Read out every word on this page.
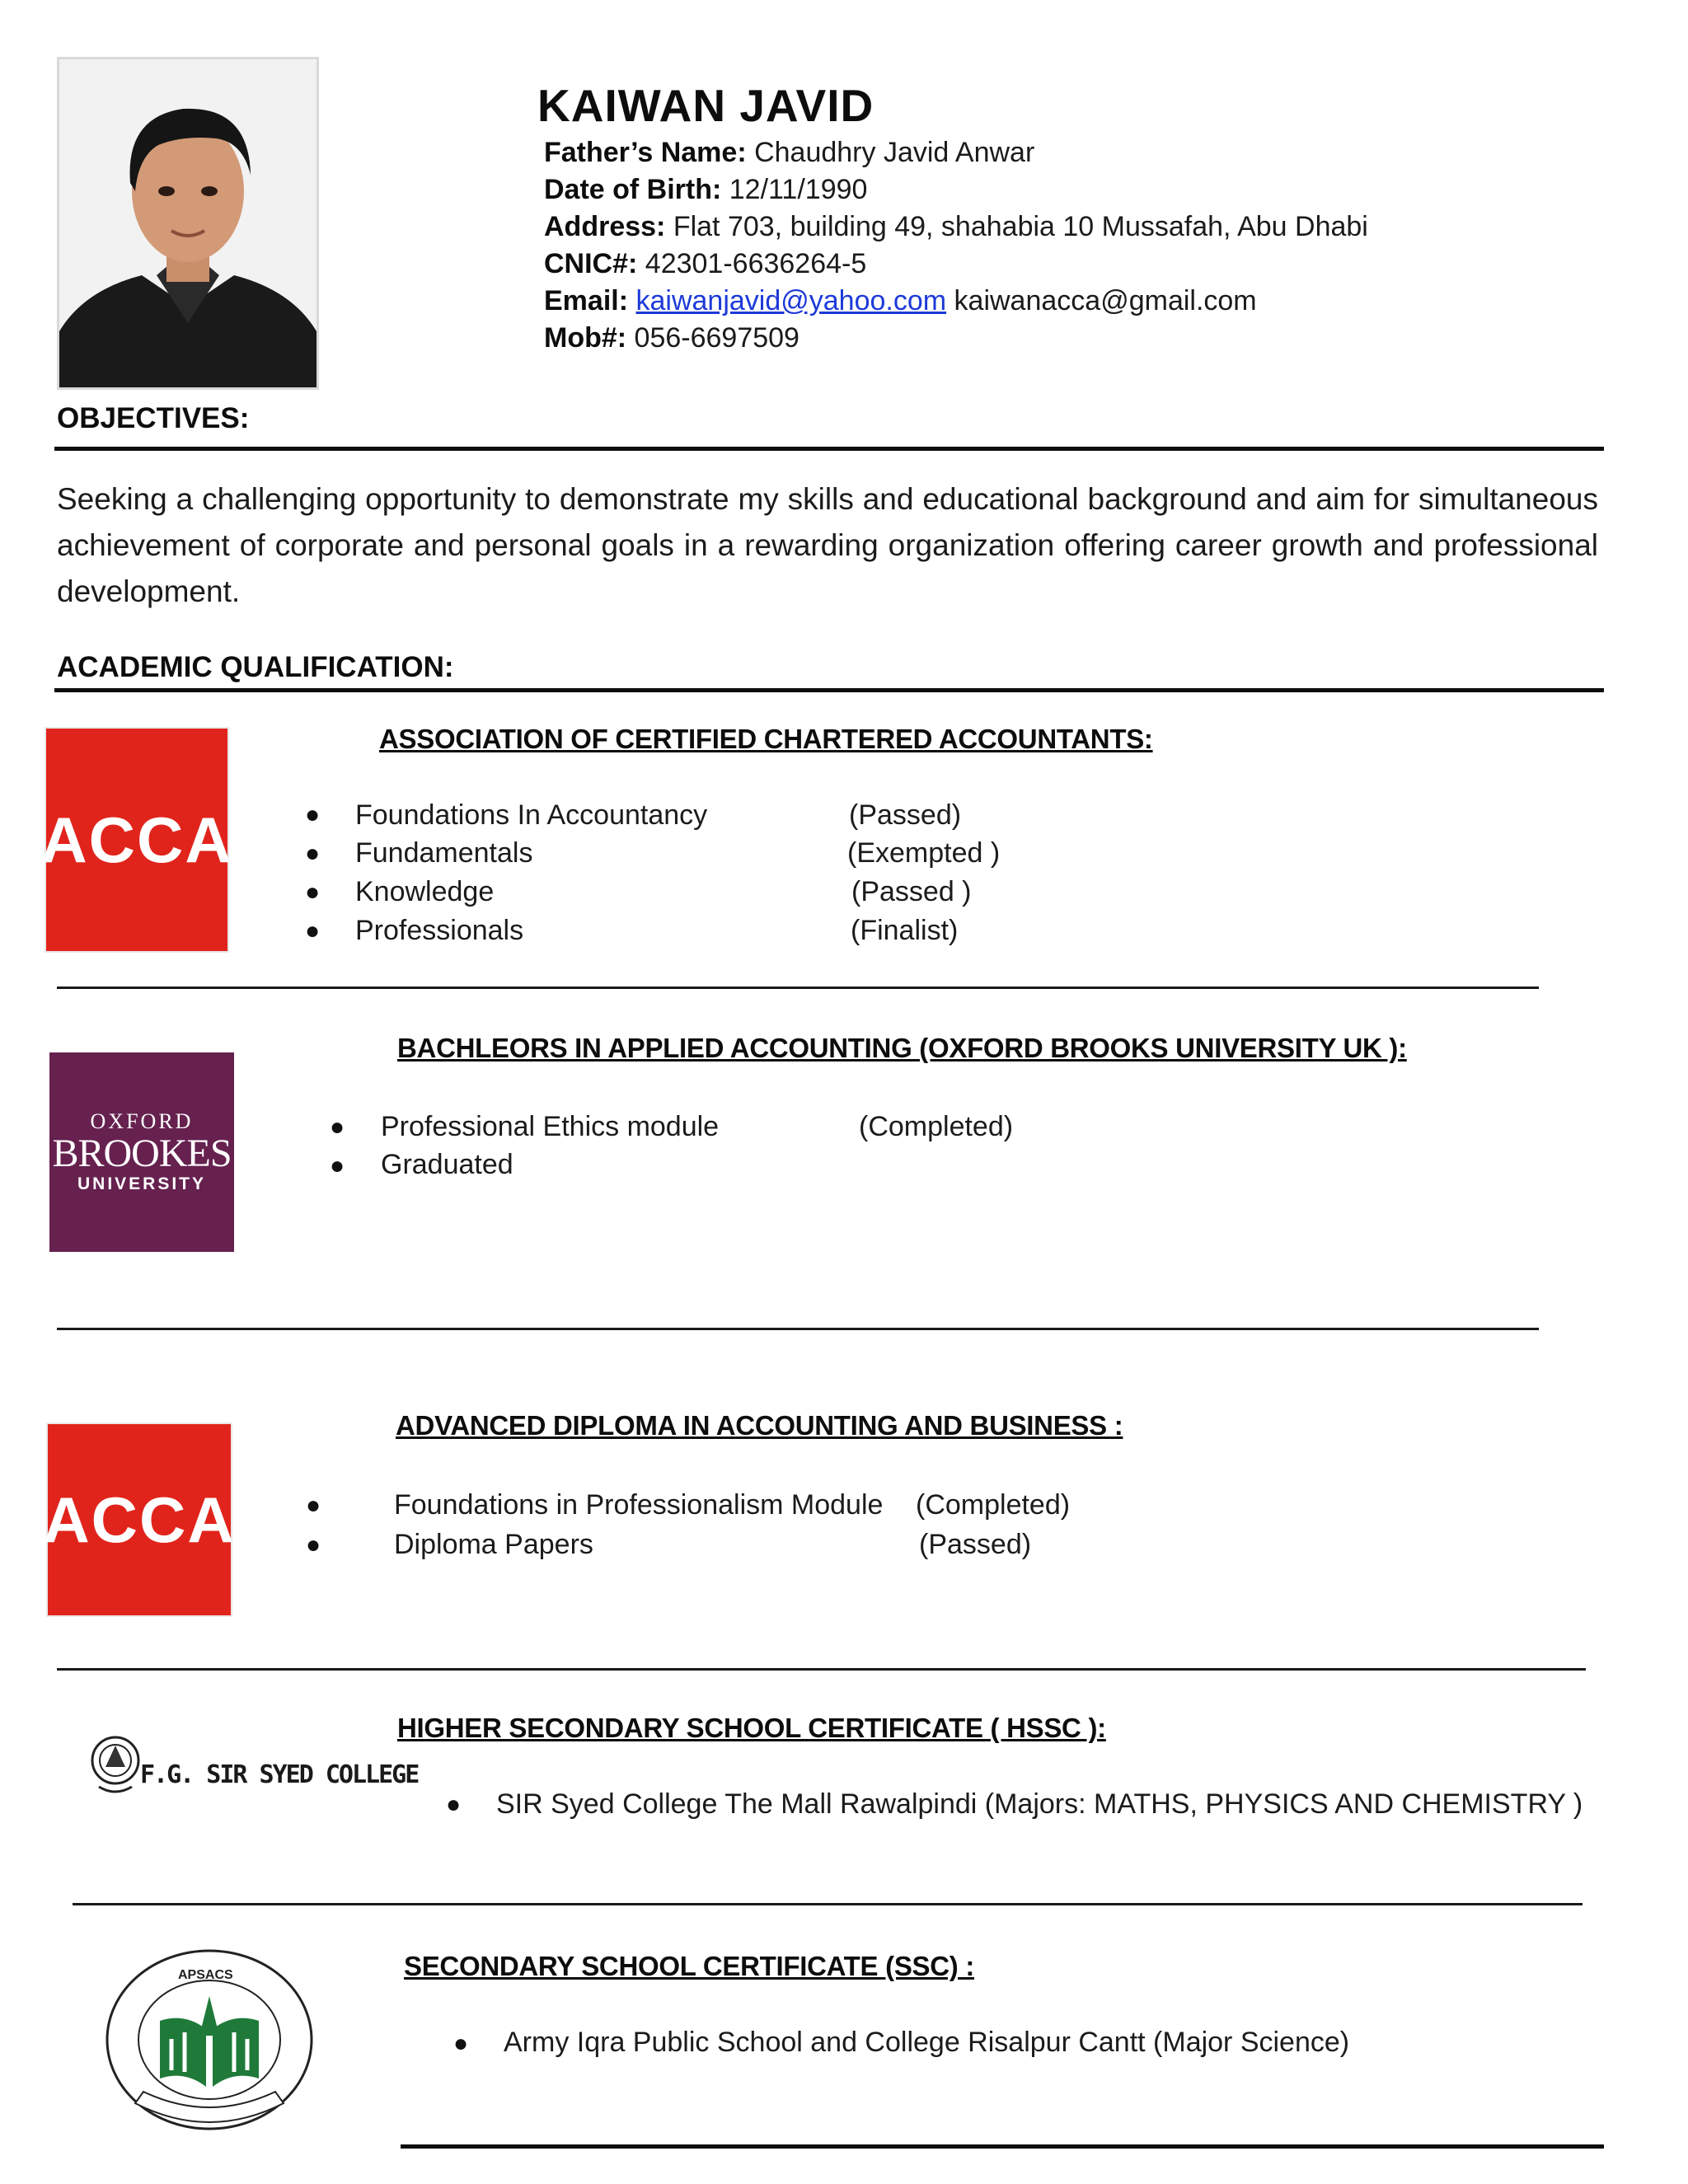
KAIWAN JAVID
Father’s Name: Chaudhry Javid Anwar
Date of Birth: 12/11/1990
Address: Flat 703, building 49, shahabia 10 Mussafah, Abu Dhabi
CNIC#: 42301-6636264-5
Email: kaiwanjavid@yahoo.com kaiwanacca@gmail.com
Mob#: 056-6697509
OBJECTIVES:
Seeking a challenging opportunity to demonstrate my skills and educational background and aim for simultaneous achievement of corporate and personal goals in a rewarding organization offering career growth and professional development.
ACADEMIC QUALIFICATION:
ACCA
ASSOCIATION OF CERTIFIED CHARTERED ACCOUNTANTS:
● Foundations In Accountancy	(Passed)
● Fundamentals	(Exempted )
● Knowledge	(Passed )
● Professionals	(Finalist)
OXFORD
BROOKES
UNIVERSITY
BACHLEORS IN APPLIED ACCOUNTING (OXFORD BROOKS UNIVERSITY UK ):
● Professional Ethics module	(Completed)
● Graduated
ACCA
ADVANCED DIPLOMA IN ACCOUNTING AND BUSINESS :
●	Foundations in Professionalism Module (Completed)
●	Diploma Papers	(Passed)
F.G. SIR SYED COLLEGE
HIGHER SECONDARY SCHOOL CERTIFICATE ( HSSC ):
● SIR Syed College The Mall Rawalpindi (Majors: MATHS, PHYSICS AND CHEMISTRY )
APSACS	SECONDARY SCHOOL CERTIFICATE (SSC) :
● Army Iqra Public School and College Risalpur Cantt (Major Science)
